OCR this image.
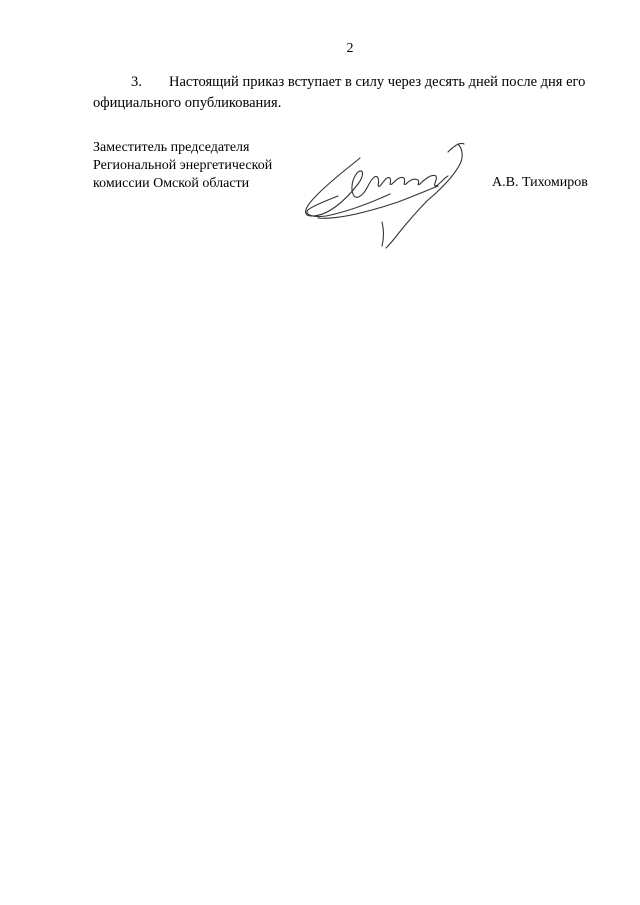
2
3. Настоящий приказ вступает в силу через десять дней после дня его
официального опубликования.
Заместитель председателя
Региональной энергетической
комиссии Омской области	А.В. Тихомиров
